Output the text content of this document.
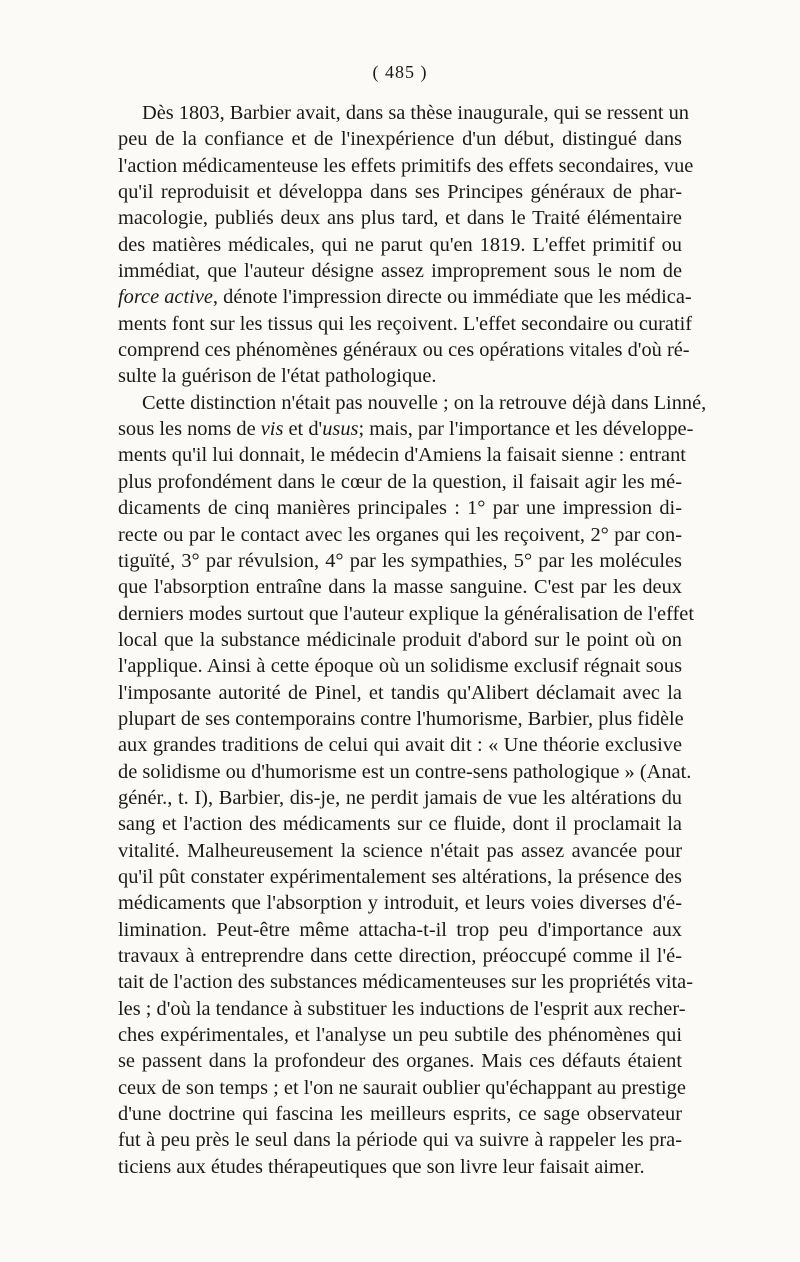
( 485 )
Dès 1803, Barbier avait, dans sa thèse inaugurale, qui se ressent un
peu de la confiance et de l'inexpérience d'un début, distingué dans
l'action médicamenteuse les effets primitifs des effets secondaires, vue
qu'il reproduisit et développa dans ses Principes généraux de phar-
macologie, publiés deux ans plus tard, et dans le Traité élémentaire
des matières médicales, qui ne parut qu'en 1819. L'effet primitif ou
immédiat, que l'auteur désigne assez improprement sous le nom de
force active, dénote l'impression directe ou immédiate que les médica-
ments font sur les tissus qui les reçoivent. L'effet secondaire ou curatif
comprend ces phénomènes généraux ou ces opérations vitales d'où ré-
sulte la guérison de l'état pathologique.
Cette distinction n'était pas nouvelle ; on la retrouve déjà dans Linné,
sous les noms de vis et d'usus; mais, par l'importance et les développe-
ments qu'il lui donnait, le médecin d'Amiens la faisait sienne : entrant
plus profondément dans le cœur de la question, il faisait agir les mé-
dicaments de cinq manières principales : 1° par une impression di-
recte ou par le contact avec les organes qui les reçoivent, 2° par con-
tiguïté, 3° par révulsion, 4° par les sympathies, 5° par les molécules
que l'absorption entraîne dans la masse sanguine. C'est par les deux
derniers modes surtout que l'auteur explique la généralisation de l'effet
local que la substance médicinale produit d'abord sur le point où on
l'applique. Ainsi à cette époque où un solidisme exclusif régnait sous
l'imposante autorité de Pinel, et tandis qu'Alibert déclamait avec la
plupart de ses contemporains contre l'humorisme, Barbier, plus fidèle
aux grandes traditions de celui qui avait dit : « Une théorie exclusive
de solidisme ou d'humorisme est un contre-sens pathologique » (Anat.
génér., t. I), Barbier, dis-je, ne perdit jamais de vue les altérations du
sang et l'action des médicaments sur ce fluide, dont il proclamait la
vitalité. Malheureusement la science n'était pas assez avancée pour
qu'il pût constater expérimentalement ses altérations, la présence des
médicaments que l'absorption y introduit, et leurs voies diverses d'é-
limination. Peut-être même attacha-t-il trop peu d'importance aux
travaux à entreprendre dans cette direction, préoccupé comme il l'é-
tait de l'action des substances médicamenteuses sur les propriétés vita-
les ; d'où la tendance à substituer les inductions de l'esprit aux recher-
ches expérimentales, et l'analyse un peu subtile des phénomènes qui
se passent dans la profondeur des organes. Mais ces défauts étaient
ceux de son temps ; et l'on ne saurait oublier qu'échappant au prestige
d'une doctrine qui fascina les meilleurs esprits, ce sage observateur
fut à peu près le seul dans la période qui va suivre à rappeler les pra-
ticiens aux études thérapeutiques que son livre leur faisait aimer.
